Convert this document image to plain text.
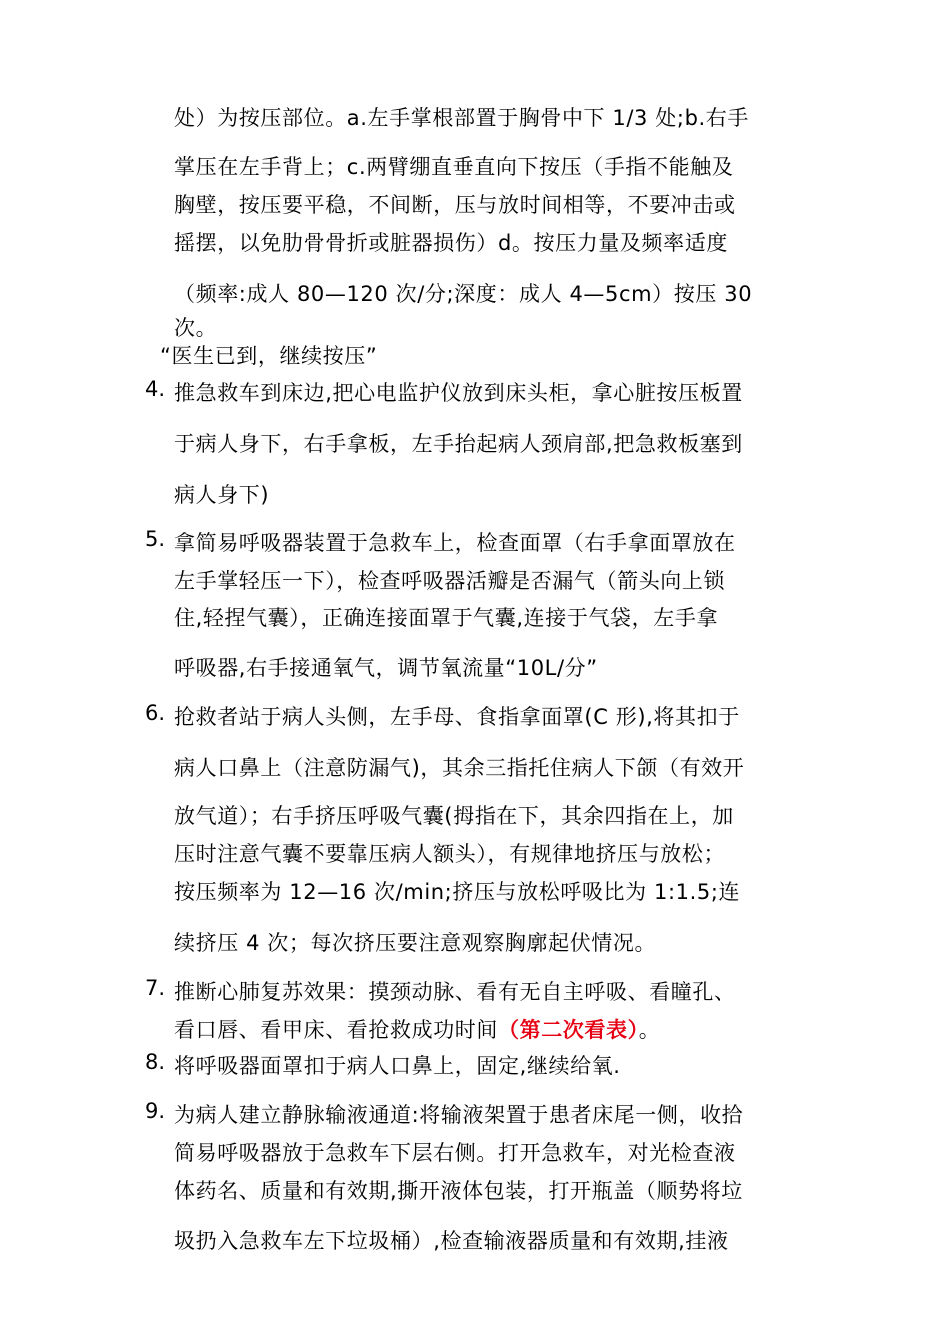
处）为按压部位。a.左手掌根部置于胸骨中下 1/3 处;b.右手
掌压在左手背上；c.两臂绷直垂直向下按压（手指不能触及
胸壁，按压要平稳，不间断，压与放时间相等，不要冲击或
摇摆，以免肋骨骨折或脏器损伤）d。按压力量及频率适度
（频率:成人 80—120 次/分;深度：成人 4—5cm）按压 30
次。
“医生已到，继续按压”
4. 推急救车到床边,把心电监护仪放到床头柜，拿心脏按压板置
于病人身下，右手拿板，左手抬起病人颈肩部,把急救板塞到
病人身下)
5. 拿简易呼吸器装置于急救车上，检查面罩（右手拿面罩放在
左手掌轻压一下），检查呼吸器活瓣是否漏气（箭头向上锁
住,轻捏气囊），正确连接面罩于气囊,连接于气袋，左手拿
呼吸器,右手接通氧气，调节氧流量“10L/分”
6. 抢救者站于病人头侧，左手母、食指拿面罩(C 形),将其扣于
病人口鼻上（注意防漏气)，其余三指托住病人下颌（有效开
放气道）；右手挤压呼吸气囊(拇指在下，其余四指在上，加
压时注意气囊不要靠压病人额头），有规律地挤压与放松；
按压频率为 12—16 次/min;挤压与放松呼吸比为 1:1.5;连
续挤压 4 次；每次挤压要注意观察胸廓起伏情况。
7. 推断心肺复苏效果：摸颈动脉、看有无自主呼吸、看瞳孔、
看口唇、看甲床、看抢救成功时间（第二次看表）。
8. 将呼吸器面罩扣于病人口鼻上，固定,继续给氧.
9. 为病人建立静脉输液通道:将输液架置于患者床尾一侧，收拾
简易呼吸器放于急救车下层右侧。打开急救车，对光检查液
体药名、质量和有效期,撕开液体包装，打开瓶盖（顺势将垃
圾扔入急救车左下垃圾桶）,检查输液器质量和有效期,挂液
